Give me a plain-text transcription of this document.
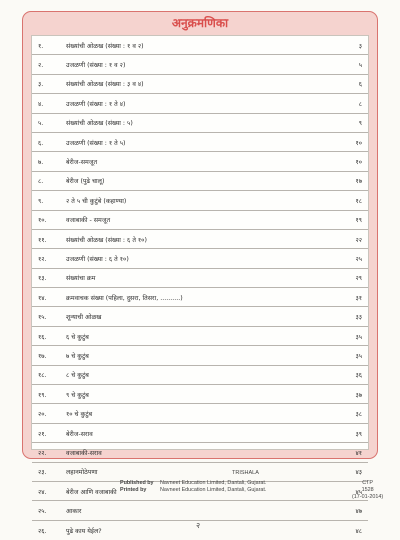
अनुक्रमणिका
१.	संख्यांची ओळख (संख्या : १ व २)	३
२.	उजळणी (संख्या : १ व २)	५
३.	संख्यांची ओळख (संख्या : ३ व ४)	६
४.	उजळणी (संख्या : १ ते ४)	८
५.	संख्यांची ओळख (संख्या : ५)	९
६.	उजळणी (संख्या : १ ते ५)	१०
७.	बेरीज-समजूत	१०
८.	बेरीज (पुढे चालू)	१७
९.	२ ते ५ ची कुटुंबे (कहाण्या)	१८
१०.	वजाबाकी - समजूत	१९
११.	संख्यांची ओळख (संख्या : ६ ते १०)	२२
१२.	उजळणी (संख्या : ६ ते १०)	२५
१३.	संख्यांचा क्रम	२९
१४.	क्रमवाचक संख्या (पहिला, दुसरा, तिसरा, ..........)	३१
१५.	शून्याची ओळख	३३
१६.	६ चे कुटुंब	३५
१७.	७ चे कुटुंब	३५
१८.	८ चे कुटुंब	३६
१९.	९ चे कुटुंब	३७
२०.	१० चे कुटुंब	३८
२१.	बेरीज-सराव	३९
२२.	वजाबाकी-सराव	४१
२३.	लहानमोठेपणा	४३
२४.	बेरीज आणि वजाबाकी	४५
२५.	आकार	४७
२६.	पुढे काय येईल?	४८
TRISHALA
Published by Navneet Education Limited, Dantali, Gujarat.
Printed by	Navneet Education Limited, Dantali, Gujarat.
CTP
1528
(17-01-2014)
२
